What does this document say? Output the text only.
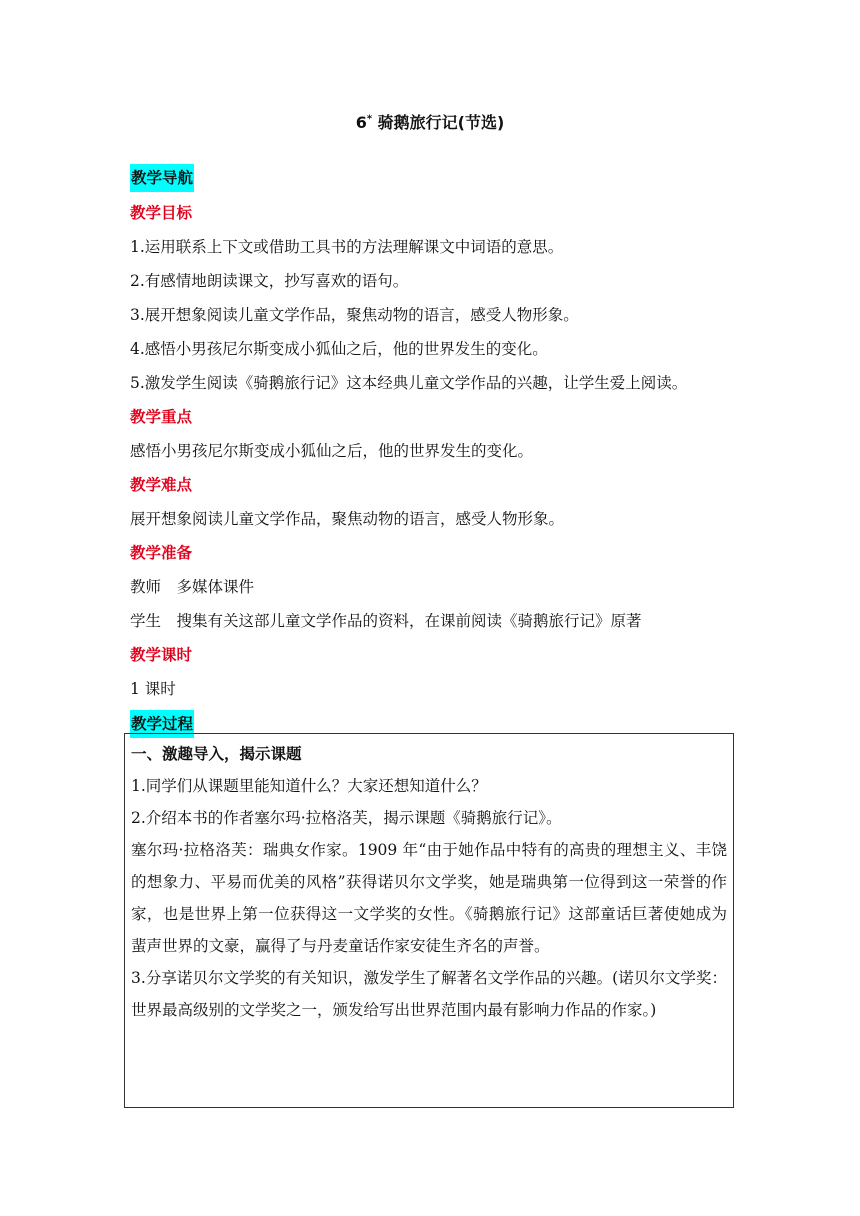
6* 骑鹅旅行记(节选)
教学导航
教学目标
1.运用联系上下文或借助工具书的方法理解课文中词语的意思。
2.有感情地朗读课文，抄写喜欢的语句。
3.展开想象阅读儿童文学作品，聚焦动物的语言，感受人物形象。
4.感悟小男孩尼尔斯变成小狐仙之后，他的世界发生的变化。
5.激发学生阅读《骑鹅旅行记》这本经典儿童文学作品的兴趣，让学生爱上阅读。
教学重点
感悟小男孩尼尔斯变成小狐仙之后，他的世界发生的变化。
教学难点
展开想象阅读儿童文学作品，聚焦动物的语言，感受人物形象。
教学准备
教师　多媒体课件
学生　搜集有关这部儿童文学作品的资料，在课前阅读《骑鹅旅行记》原著
教学课时
1 课时
教学过程
一、激趣导入，揭示课题
1.同学们从课题里能知道什么？大家还想知道什么？
2.介绍本书的作者塞尔玛·拉格洛芙，揭示课题《骑鹅旅行记》。
塞尔玛·拉格洛芙：瑞典女作家。1909 年“由于她作品中特有的高贵的理想主义、丰饶的想象力、平易而优美的风格”获得诺贝尔文学奖，她是瑞典第一位得到这一荣誉的作家，也是世界上第一位获得这一文学奖的女性。《骑鹅旅行记》这部童话巨著使她成为蜚声世界的文豪，赢得了与丹麦童话作家安徒生齐名的声誉。
3.分享诺贝尔文学奖的有关知识，激发学生了解著名文学作品的兴趣。(诺贝尔文学奖：世界最高级别的文学奖之一，颁发给写出世界范围内最有影响力作品的作家。)
